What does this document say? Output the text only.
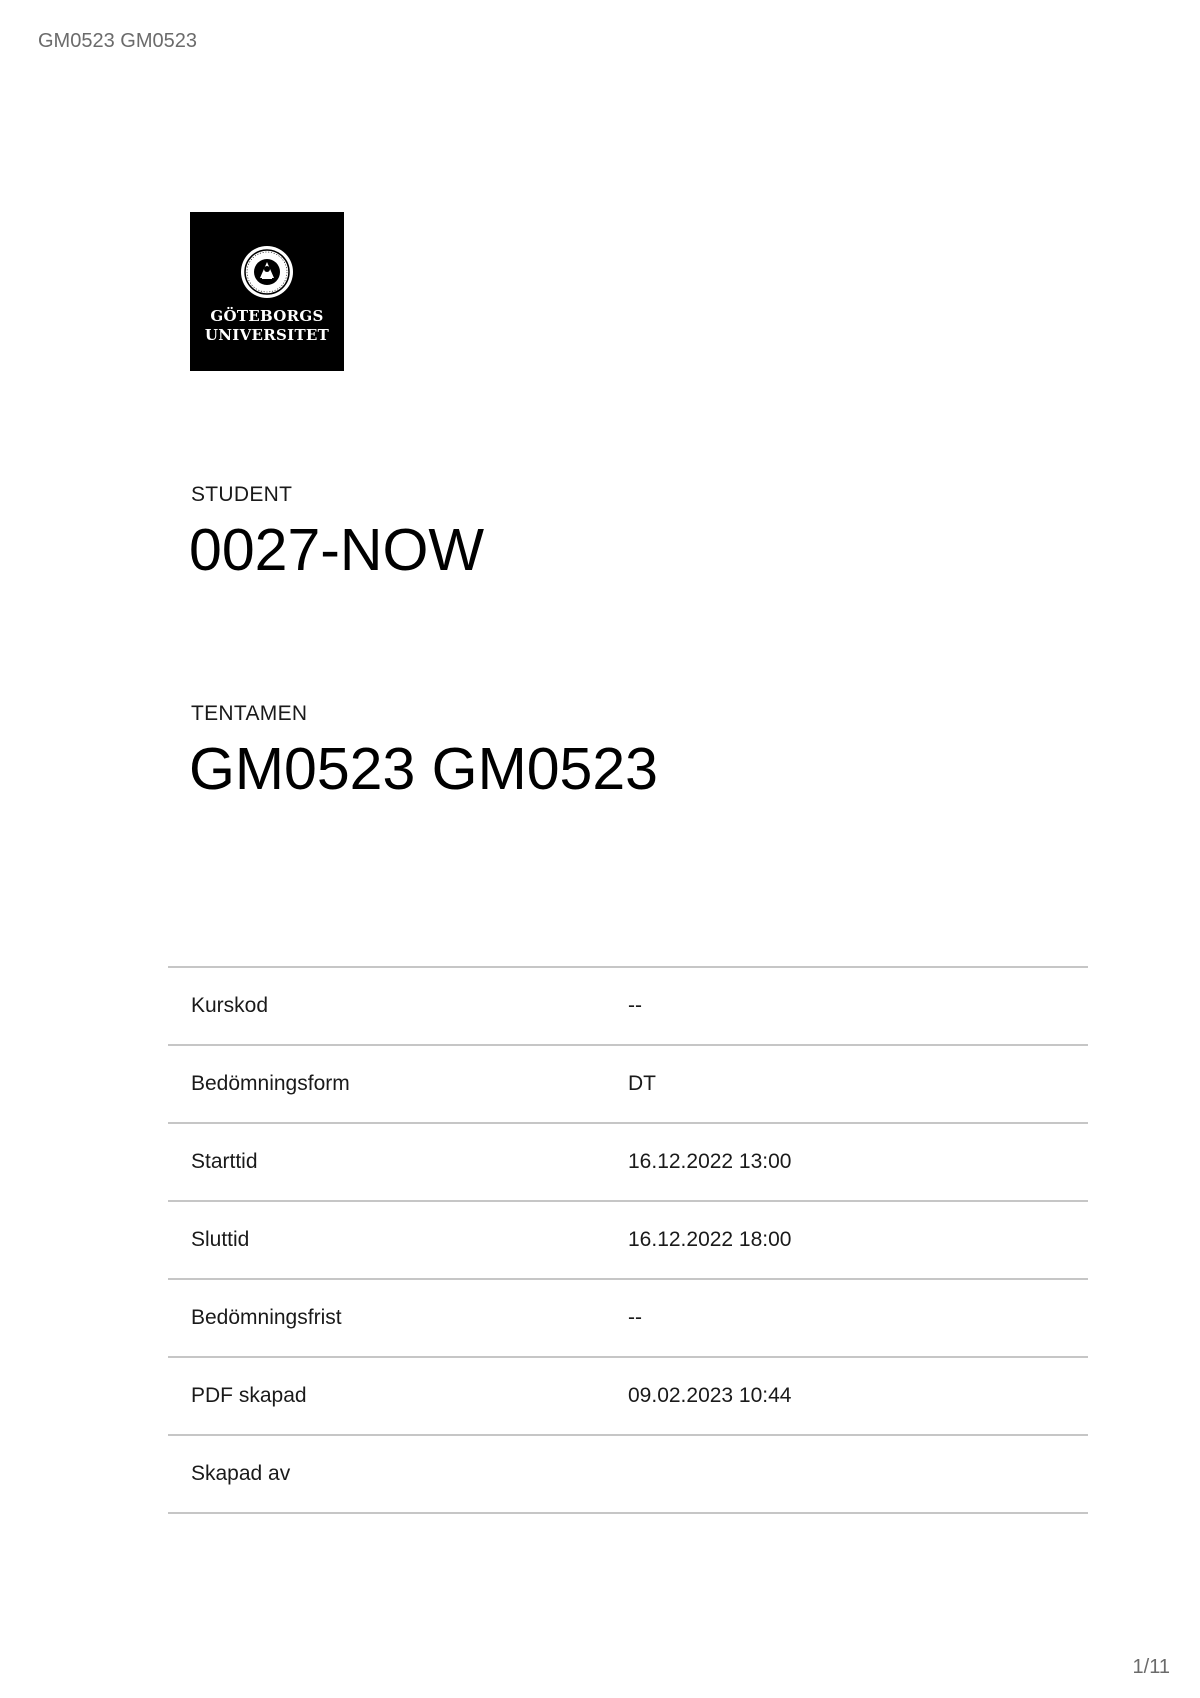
GM0523 GM0523
GÖTEBORGS
UNIVERSITET
STUDENT
0027-NOW
TENTAMEN
GM0523 GM0523
Kurskod	--
Bedömningsform	DT
Starttid	16.12.2022 13:00
Sluttid	16.12.2022 18:00
Bedömningsfrist	--
PDF skapad	09.02.2023 10:44
Skapad av
1/11
